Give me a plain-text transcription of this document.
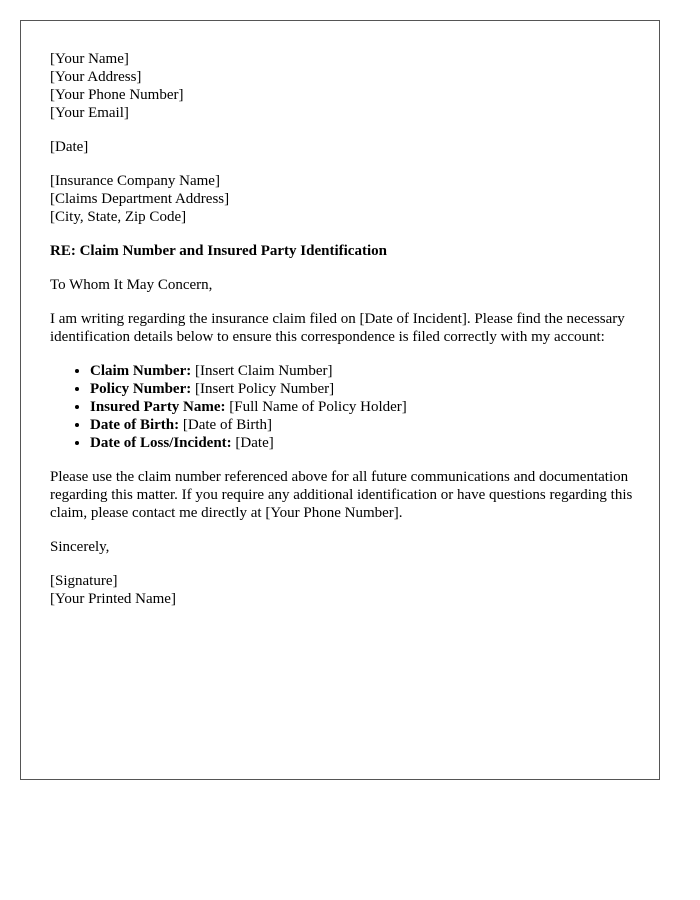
[Your Name]
[Your Address]
[Your Phone Number]
[Your Email]
[Date]
[Insurance Company Name]
[Claims Department Address]
[City, State, Zip Code]
RE: Claim Number and Insured Party Identification
To Whom It May Concern,

I am writing regarding the insurance claim filed on [Date of Incident]. Please find the necessary identification details below to ensure this correspondence is filed correctly with my account:

• Claim Number: [Insert Claim Number]
• Policy Number: [Insert Policy Number]
• Insured Party Name: [Full Name of Policy Holder]
• Date of Birth: [Date of Birth]
• Date of Loss/Incident: [Date]

Please use the claim number referenced above for all future communications and documentation regarding this matter. If you require any additional identification or have questions regarding this claim, please contact me directly at [Your Phone Number].

Sincerely,
[Signature]
[Your Printed Name]
